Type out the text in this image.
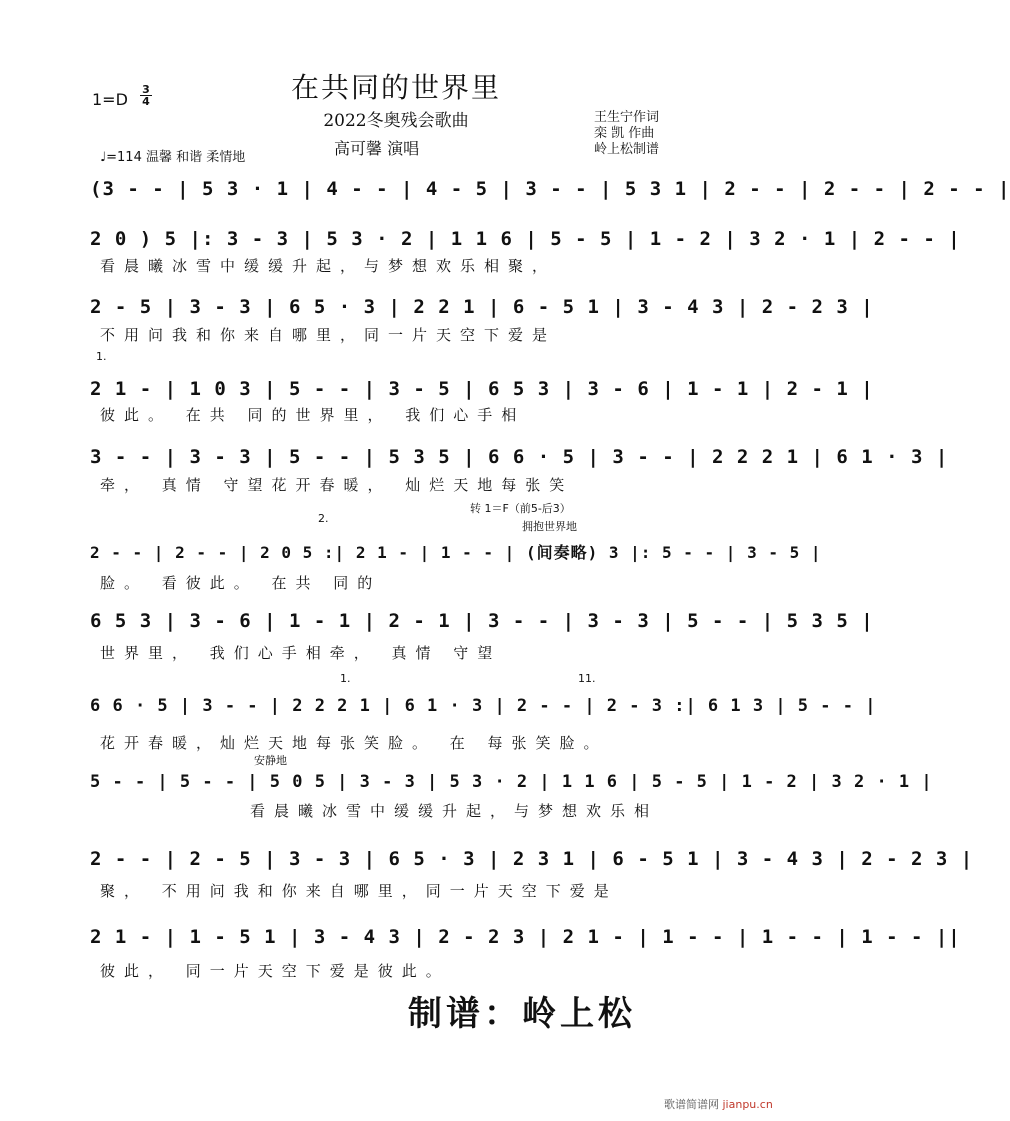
在共同的世界里
2022冬奥残会歌曲
高可馨 演唱
1=D
3
4
王生宁作词
栾 凯 作曲
岭上松制谱
♩=114 温馨 和谐 柔情地
(3 - - | 5 3 · 1 | 4 - - | 4 - 5 | 3 - - | 5 3 1 | 2 - - | 2 - - | 2 - - |
2 0 ) 5 |: 3 - 3 | 5 3 · 2 | 1 1 6 | 5 - 5 | 1 - 2 | 3 2 · 1 | 2 - - |
看晨曦冰雪中缓缓升起，与梦想欢乐相聚，
2 - 5 | 3 - 3 | 6 5 · 3 | 2 2 1 | 6 - 5 1 | 3 - 4 3 | 2 - 2 3 |
不用问我和你来自哪里，同一片天空下爱是
1.
2 1 - | 1 0 3 | 5 - - | 3 - 5 | 6 5 3 | 3 - 6 | 1 - 1 | 2 - 1 |
彼此。 在共 同的世界里， 我们心手相
3 - - | 3 - 3 | 5 - - | 5 3 5 | 6 6 · 5 | 3 - - | 2 2 2 1 | 6 1 · 3 |
牵， 真情 守望花开春暖， 灿烂天地每张笑
2.
转 1＝F（前5-后3）
拥抱世界地
2 - - | 2 - - | 2 0 5 :| 2 1 - | 1 - - | (间奏略) 3 |: 5 - - | 3 - 5 |
脸。 看彼此。 在共 同的
6 5 3 | 3 - 6 | 1 - 1 | 2 - 1 | 3 - - | 3 - 3 | 5 - - | 5 3 5 |
世界里， 我们心手相牵， 真情 守望
1.	11.
6 6 · 5 | 3 - - | 2 2 2 1 | 6 1 · 3 | 2 - - | 2 - 3 :| 6 1 3 | 5 - - |
花开春暖，灿烂天地每张笑脸。 在 每张笑脸。
安静地
5 - - | 5 - - | 5 0 5 | 3 - 3 | 5 3 · 2 | 1 1 6 | 5 - 5 | 1 - 2 | 3 2 · 1 |
看晨曦冰雪中缓缓升起，与梦想欢乐相
2 - - | 2 - 5 | 3 - 3 | 6 5 · 3 | 2 3 1 | 6 - 5 1 | 3 - 4 3 | 2 - 2 3 |
聚， 不用问我和你来自哪里，同一片天空下爱是
2 1 - | 1 - 5 1 | 3 - 4 3 | 2 - 2 3 | 2 1 - | 1 - - | 1 - - | 1 - - ||
彼此， 同一片天空下爱是彼此。
制谱：岭上松
歌谱简谱网 jianpu.cn
